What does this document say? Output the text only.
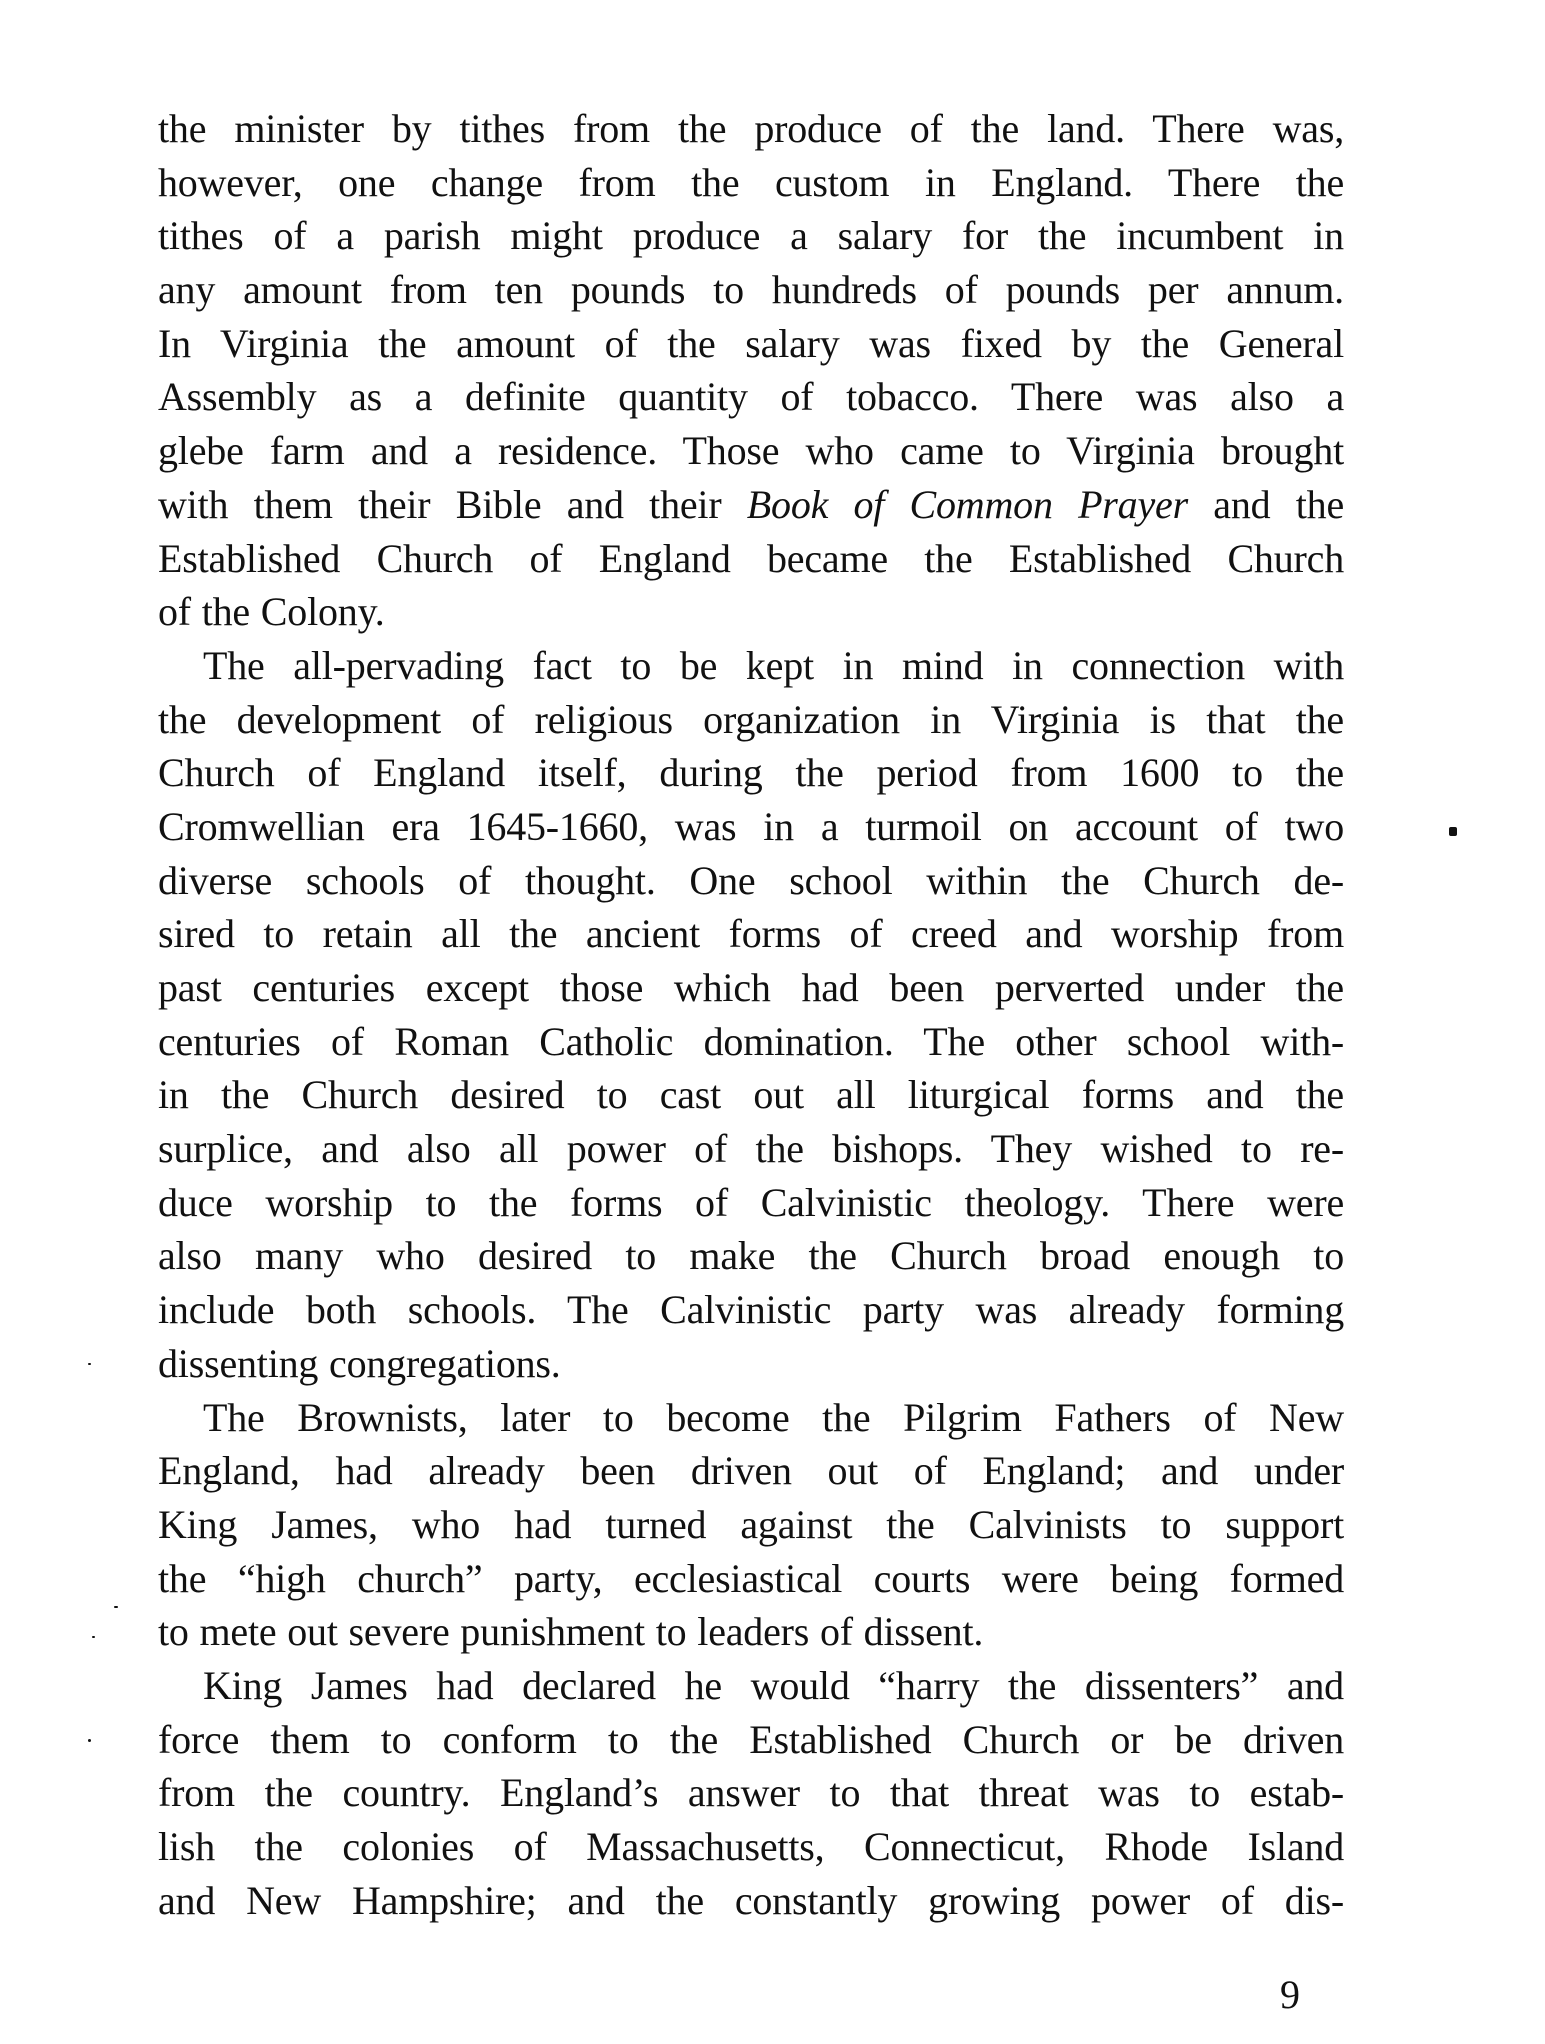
the minister by tithes from the produce of the land. There was,
however, one change from the custom in England. There the
tithes of a parish might produce a salary for the incumbent in
any amount from ten pounds to hundreds of pounds per annum.
In Virginia the amount of the salary was fixed by the General
Assembly as a definite quantity of tobacco. There was also a
glebe farm and a residence. Those who came to Virginia brought
with them their Bible and their Book of Common Prayer and the
Established Church of England became the Established Church
of the Colony.
The all-pervading fact to be kept in mind in connection with
the development of religious organization in Virginia is that the
Church of England itself, during the period from 1600 to the
Cromwellian era 1645-1660, was in a turmoil on account of two
diverse schools of thought. One school within the Church de-
sired to retain all the ancient forms of creed and worship from
past centuries except those which had been perverted under the
centuries of Roman Catholic domination. The other school with-
in the Church desired to cast out all liturgical forms and the
surplice, and also all power of the bishops. They wished to re-
duce worship to the forms of Calvinistic theology. There were
also many who desired to make the Church broad enough to
include both schools. The Calvinistic party was already forming
dissenting congregations.
The Brownists, later to become the Pilgrim Fathers of New
England, had already been driven out of England; and under
King James, who had turned against the Calvinists to support
the “high church” party, ecclesiastical courts were being formed
to mete out severe punishment to leaders of dissent.
King James had declared he would “harry the dissenters” and
force them to conform to the Established Church or be driven
from the country. England’s answer to that threat was to estab-
lish the colonies of Massachusetts, Connecticut, Rhode Island
and New Hampshire; and the constantly growing power of dis-
9
